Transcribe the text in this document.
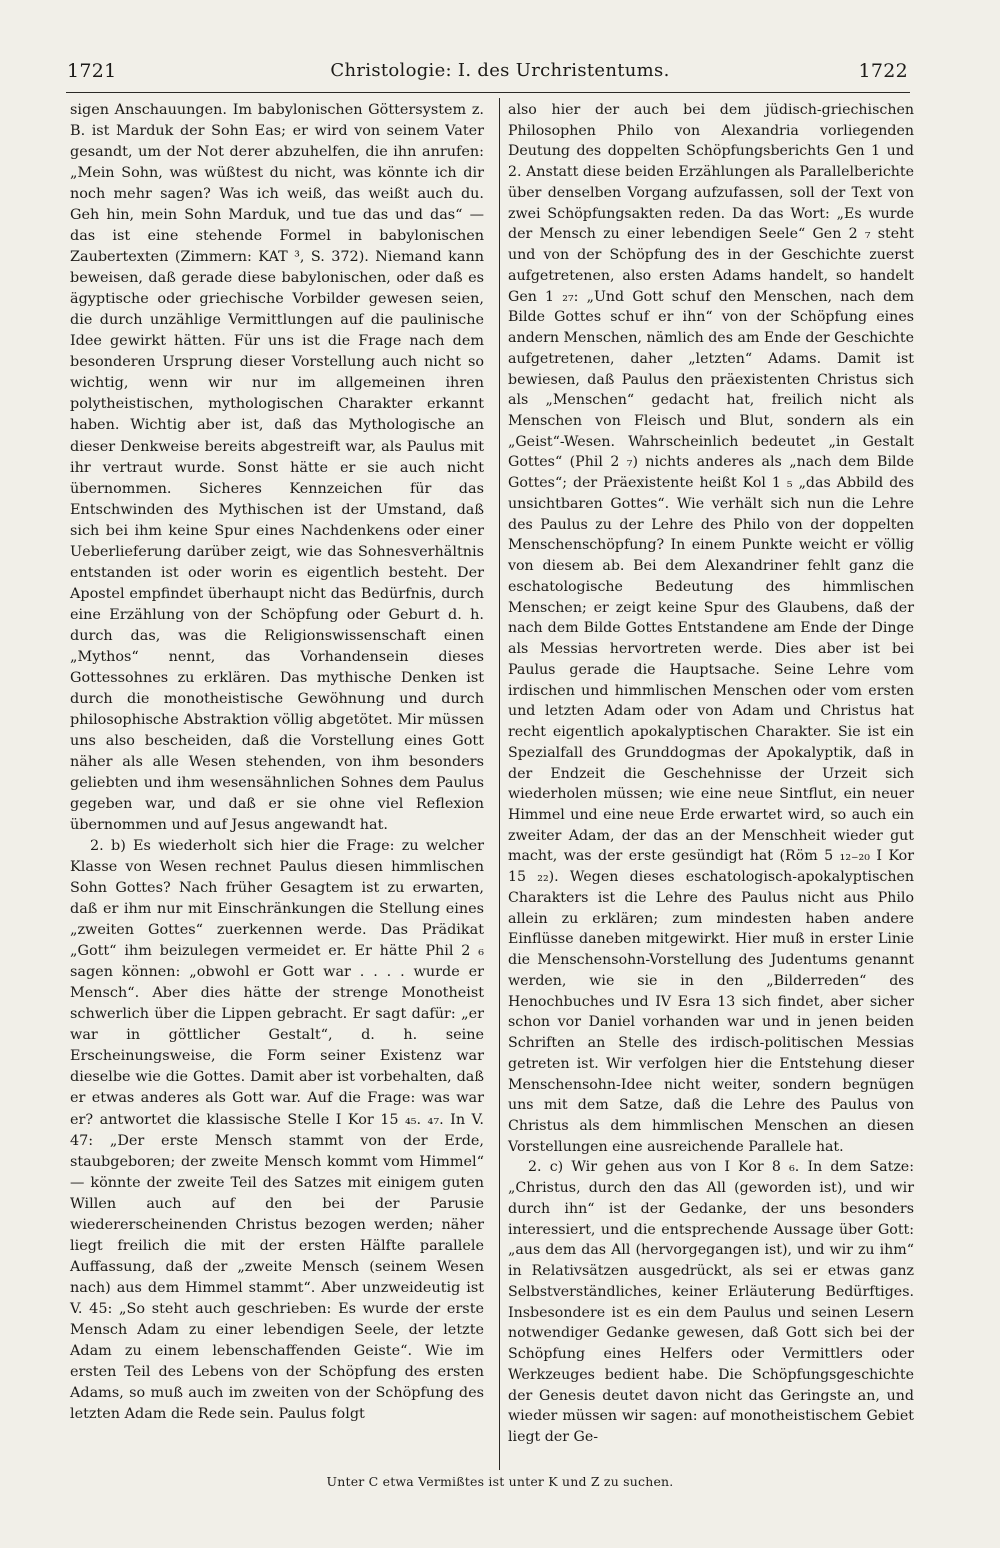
1721	Christologie: I. des Urchristentums.	1722

sigen Anschauungen. Im babylonischen Göttersystem z. B. ist Marduk der Sohn Eas; er wird von seinem Vater gesandt, um der Not derer abzuhelfen, die ihn anrufen: „Mein Sohn, was wüßtest du nicht, was könnte ich dir noch mehr sagen? Was ich weiß, das weißt auch du. Geh hin, mein Sohn Marduk, und tue das und das“ — das ist eine stehende Formel in babylonischen Zaubertexten (Zimmern: KAT ³, S. 372). Niemand kann beweisen, daß gerade diese babylonischen, oder daß es ägyptische oder griechische Vorbilder gewesen seien, die durch unzählige Vermittlungen auf die paulinische Idee gewirkt hätten. Für uns ist die Frage nach dem besonderen Ursprung dieser Vorstellung auch nicht so wichtig, wenn wir nur im allgemeinen ihren polytheistischen, mythologischen Charakter erkannt haben. Wichtig aber ist, daß das Mythologische an dieser Denkweise bereits abgestreift war, als Paulus mit ihr vertraut wurde. Sonst hätte er sie auch nicht übernommen. Sicheres Kennzeichen für das Entschwinden des Mythischen ist der Umstand, daß sich bei ihm keine Spur eines Nachdenkens oder einer Ueberlieferung darüber zeigt, wie das Sohnesverhältnis entstanden ist oder worin es eigentlich besteht. Der Apostel empfindet überhaupt nicht das Bedürfnis, durch eine Erzählung von der Schöpfung oder Geburt d. h. durch das, was die Religionswissenschaft einen „Mythos“ nennt, das Vorhandensein dieses Gottessohnes zu erklären. Das mythische Denken ist durch die monotheistische Gewöhnung und durch philosophische Abstraktion völlig abgetötet. Mir müssen uns also bescheiden, daß die Vorstellung eines Gott näher als alle Wesen stehenden, von ihm besonders geliebten und ihm wesensähnlichen Sohnes dem Paulus gegeben war, und daß er sie ohne viel Reflexion übernommen und auf Jesus angewandt hat.

2. b) Es wiederholt sich hier die Frage: zu welcher Klasse von Wesen rechnet Paulus diesen himmlischen Sohn Gottes? Nach früher Gesagtem ist zu erwarten, daß er ihm nur mit Einschränkungen die Stellung eines „zweiten Gottes“ zuerkennen werde. Das Prädikat „Gott“ ihm beizulegen vermeidet er. Er hätte Phil 2 ₆ sagen können: „obwohl er Gott war . . . . wurde er Mensch“. Aber dies hätte der strenge Monotheist schwerlich über die Lippen gebracht. Er sagt dafür: „er war in göttlicher Gestalt“, d. h. seine Erscheinungsweise, die Form seiner Existenz war dieselbe wie die Gottes. Damit aber ist vorbehalten, daß er etwas anderes als Gott war. Auf die Frage: was war er? antwortet die klassische Stelle I Kor 15 ₄₅. ₄₇. In V. 47: „Der erste Mensch stammt von der Erde, staubgeboren; der zweite Mensch kommt vom Himmel“ — könnte der zweite Teil des Satzes mit einigem guten Willen auch auf den bei der Parusie wiedererscheinenden Christus bezogen werden; näher liegt freilich die mit der ersten Hälfte parallele Auffassung, daß der „zweite Mensch (seinem Wesen nach) aus dem Himmel stammt“. Aber unzweideutig ist V. 45: „So steht auch geschrieben: Es wurde der erste Mensch Adam zu einer lebendigen Seele, der letzte Adam zu einem lebenschaffenden Geiste“. Wie im ersten Teil des Lebens von der Schöpfung des ersten Adams, so muß auch im zweiten von der Schöpfung des letzten Adam die Rede sein. Paulus folgt

also hier der auch bei dem jüdisch-griechischen Philosophen Philo von Alexandria vorliegenden Deutung des doppelten Schöpfungsberichts Gen 1 und 2. Anstatt diese beiden Erzählungen als Parallelberichte über denselben Vorgang aufzufassen, soll der Text von zwei Schöpfungsakten reden. Da das Wort: „Es wurde der Mensch zu einer lebendigen Seele“ Gen 2 ₇ steht und von der Schöpfung des in der Geschichte zuerst aufgetretenen, also ersten Adams handelt, so handelt Gen 1 ₂₇: „Und Gott schuf den Menschen, nach dem Bilde Gottes schuf er ihn“ von der Schöpfung eines andern Menschen, nämlich des am Ende der Geschichte aufgetretenen, daher „letzten“ Adams. Damit ist bewiesen, daß Paulus den präexistenten Christus sich als „Menschen“ gedacht hat, freilich nicht als Menschen von Fleisch und Blut, sondern als ein „Geist“-Wesen. Wahrscheinlich bedeutet „in Gestalt Gottes“ (Phil 2 ₇) nichts anderes als „nach dem Bilde Gottes“; der Präexistente heißt Kol 1 ₅ „das Abbild des unsichtbaren Gottes“. Wie verhält sich nun die Lehre des Paulus zu der Lehre des Philo von der doppelten Menschenschöpfung? In einem Punkte weicht er völlig von diesem ab. Bei dem Alexandriner fehlt ganz die eschatologische Bedeutung des himmlischen Menschen; er zeigt keine Spur des Glaubens, daß der nach dem Bilde Gottes Entstandene am Ende der Dinge als Messias hervortreten werde. Dies aber ist bei Paulus gerade die Hauptsache. Seine Lehre vom irdischen und himmlischen Menschen oder vom ersten und letzten Adam oder von Adam und Christus hat recht eigentlich apokalyptischen Charakter. Sie ist ein Spezialfall des Grunddogmas der Apokalyptik, daß in der Endzeit die Geschehnisse der Urzeit sich wiederholen müssen; wie eine neue Sintflut, ein neuer Himmel und eine neue Erde erwartet wird, so auch ein zweiter Adam, der das an der Menschheit wieder gut macht, was der erste gesündigt hat (Röm 5 ₁₂₋₂₀ I Kor 15 ₂₂). Wegen dieses eschatologisch-apokalyptischen Charakters ist die Lehre des Paulus nicht aus Philo allein zu erklären; zum mindesten haben andere Einflüsse daneben mitgewirkt. Hier muß in erster Linie die Menschensohn-Vorstellung des Judentums genannt werden, wie sie in den „Bilderreden“ des Henochbuches und IV Esra 13 sich findet, aber sicher schon vor Daniel vorhanden war und in jenen beiden Schriften an Stelle des irdisch-politischen Messias getreten ist. Wir verfolgen hier die Entstehung dieser Menschensohn-Idee nicht weiter, sondern begnügen uns mit dem Satze, daß die Lehre des Paulus von Christus als dem himmlischen Menschen an diesen Vorstellungen eine ausreichende Parallele hat.

2. c) Wir gehen aus von I Kor 8 ₆. In dem Satze: „Christus, durch den das All (geworden ist), und wir durch ihn“ ist der Gedanke, der uns besonders interessiert, und die entsprechende Aussage über Gott: „aus dem das All (hervorgegangen ist), und wir zu ihm“ in Relativsätzen ausgedrückt, als sei er etwas ganz Selbstverständliches, keiner Erläuterung Bedürftiges. Insbesondere ist es ein dem Paulus und seinen Lesern notwendiger Gedanke gewesen, daß Gott sich bei der Schöpfung eines Helfers oder Vermittlers oder Werkzeuges bedient habe. Die Schöpfungsgeschichte der Genesis deutet davon nicht das Geringste an, und wieder müssen wir sagen: auf monotheistischem Gebiet liegt der Ge-

Unter C etwa Vermißtes ist unter K und Z zu suchen.
